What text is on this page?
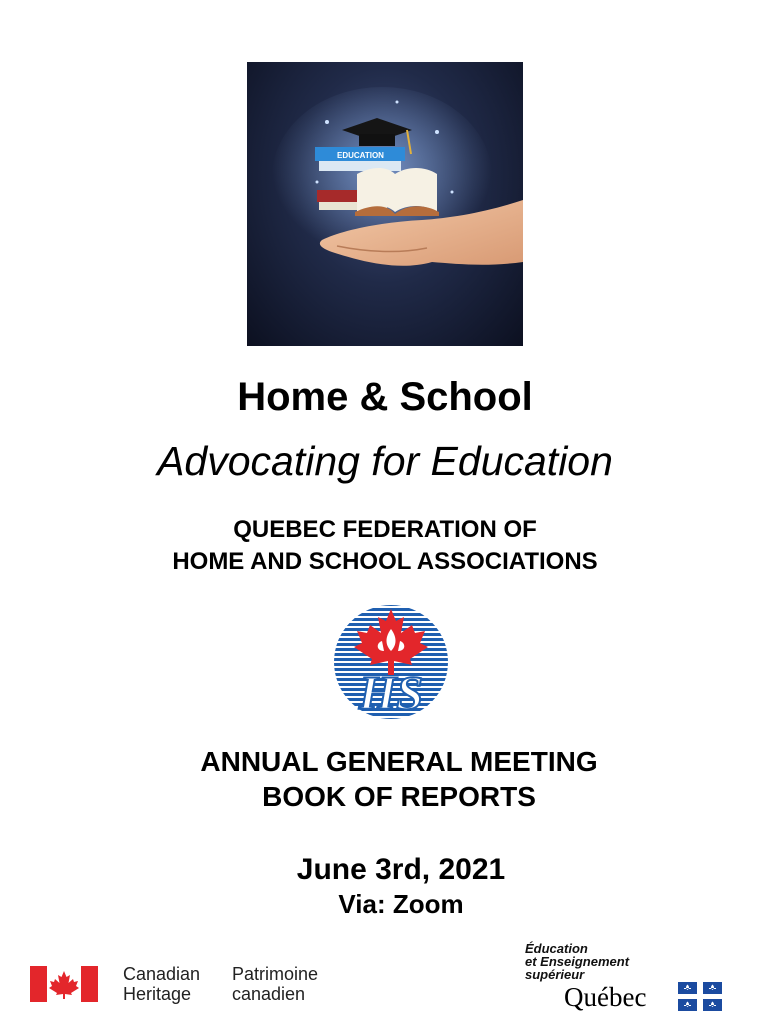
EDUCATION
Home & School
Advocating for Education
QUEBEC FEDERATION OF
HOME AND SCHOOL ASSOCIATIONS
HS
ANNUAL GENERAL MEETING
BOOK OF REPORTS
June 3rd, 2021
Via: Zoom
Canadian
Heritage
Patrimoine
canadien
Éducation
et Enseignement
supérieur
Québec
